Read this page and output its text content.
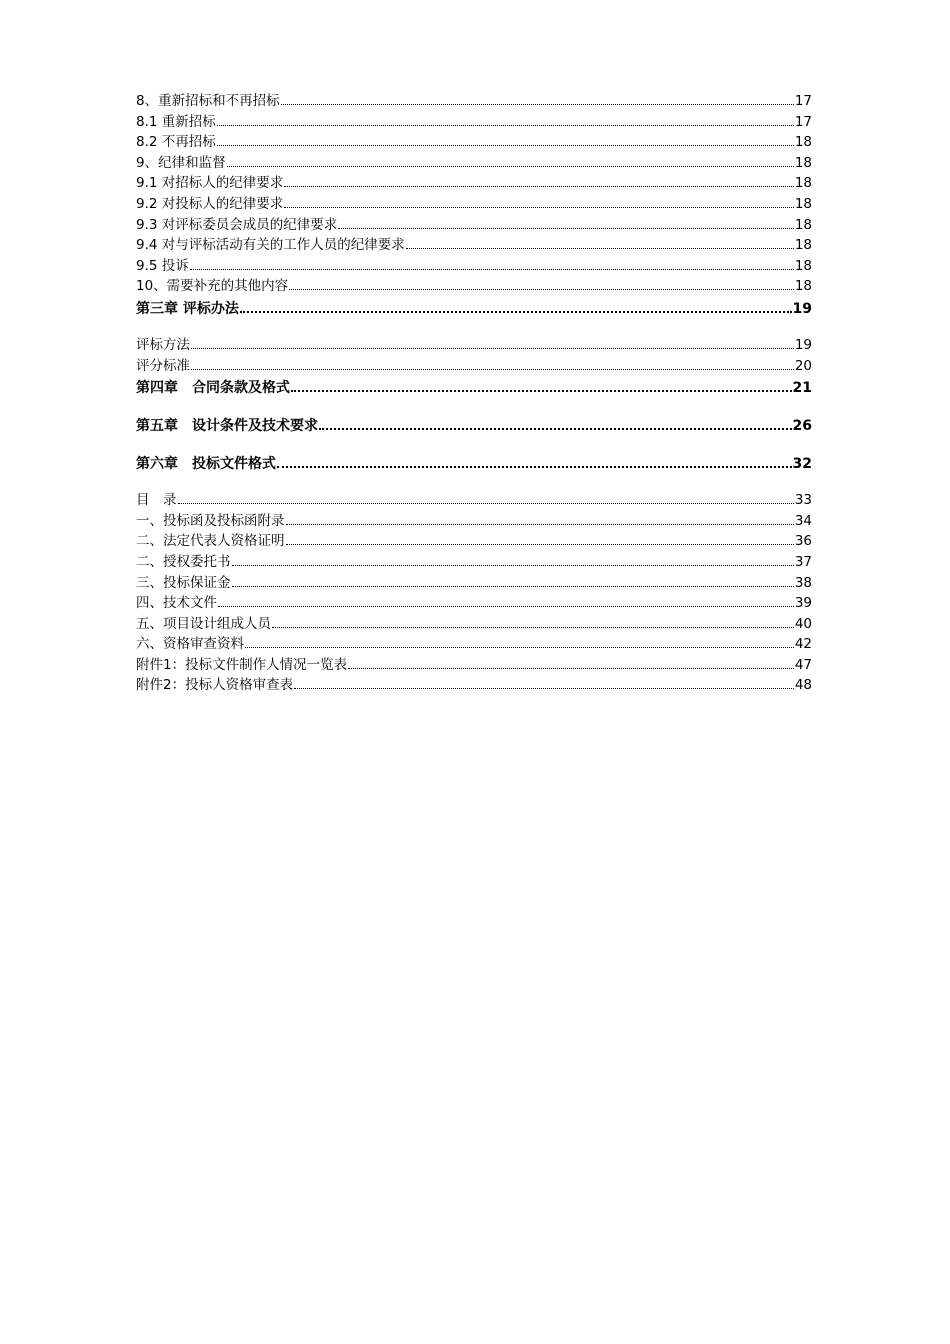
8、重新招标和不再招标	17
8.1 重新招标	17
8.2 不再招标	18
9、纪律和监督	18
9.1 对招标人的纪律要求	18
9.2 对投标人的纪律要求	18
9.3 对评标委员会成员的纪律要求	18
9.4 对与评标活动有关的工作人员的纪律要求	18
9.5 投诉	18
10、需要补充的其他内容	18
第三章 评标办法	19
评标方法	19
评分标准	20
第四章　合同条款及格式	21
第五章　设计条件及技术要求	26
第六章　投标文件格式	32
目　录	33
一、投标函及投标函附录	34
二、法定代表人资格证明	36
二、授权委托书	37
三、投标保证金	38
四、技术文件	39
五、项目设计组成人员	40
六、资格审查资料	42
附件1：投标文件制作人情况一览表	47
附件2：投标人资格审查表	48
